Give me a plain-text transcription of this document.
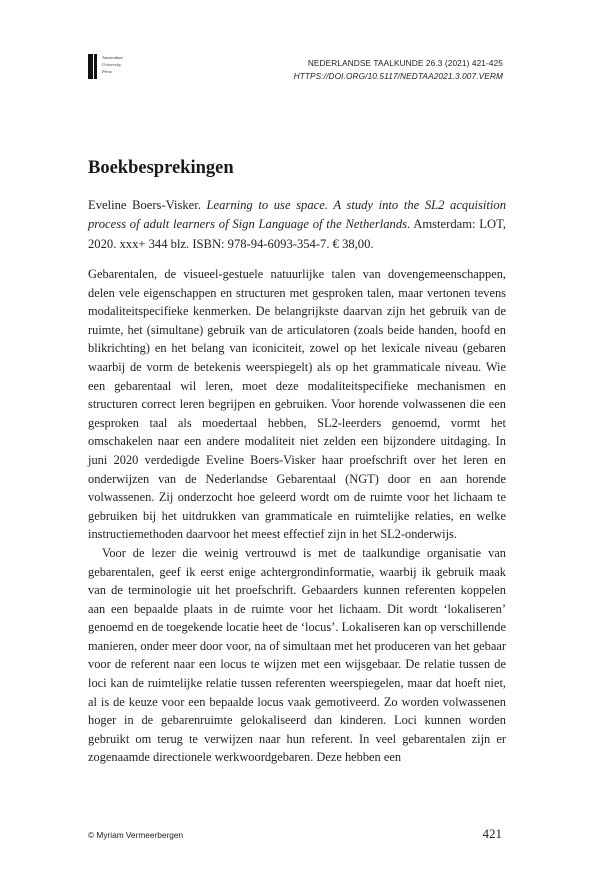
Amsterdam
University
Press
NEDERLANDSE TAALKUNDE 26.3 (2021) 421-425
HTTPS://DOI.ORG/10.5117/NEDTAA2021.3.007.VERM
Boekbesprekingen

Eveline Boers-Visker. Learning to use space. A study into the SL2 acquisition process of adult learners of Sign Language of the Netherlands. Amsterdam: LOT, 2020. xxx+ 344 blz. ISBN: 978-94-6093-354-7. € 38,00.

Gebarentalen, de visueel-gestuele natuurlijke talen van dovengemeenschappen, delen vele eigenschappen en structuren met gesproken talen, maar vertonen tevens modaliteitspecifieke kenmerken. De belangrijkste daarvan zijn het gebruik van de ruimte, het (simultane) gebruik van de articulatoren (zoals beide handen, hoofd en blikrichting) en het belang van iconiciteit, zowel op het lexicale niveau (gebaren waarbij de vorm de betekenis weerspiegelt) als op het grammaticale niveau. Wie een gebarentaal wil leren, moet deze modaliteitspecifieke mechanismen en structuren correct leren begrijpen en gebruiken. Voor horende volwassenen die een gesproken taal als moedertaal hebben, SL2-leerders genoemd, vormt het omschakelen naar een andere modaliteit niet zelden een bijzondere uitdaging. In juni 2020 verdedigde Eveline Boers-Visker haar proefschrift over het leren en onderwijzen van de Nederlandse Gebarentaal (NGT) door en aan horende volwassenen. Zij onderzocht hoe geleerd wordt om de ruimte voor het lichaam te gebruiken bij het uitdrukken van grammaticale en ruimtelijke relaties, en welke instructiemethoden daarvoor het meest effectief zijn in het SL2-onderwijs.

Voor de lezer die weinig vertrouwd is met de taalkundige organisatie van gebarentalen, geef ik eerst enige achtergrondinformatie, waarbij ik gebruik maak van de terminologie uit het proefschrift. Gebaarders kunnen referenten koppelen aan een bepaalde plaats in de ruimte voor het lichaam. Dit wordt ‘lokaliseren’ genoemd en de toegekende locatie heet de ‘locus’. Lokaliseren kan op verschillende manieren, onder meer door voor, na of simultaan met het produceren van het gebaar voor de referent naar een locus te wijzen met een wijsgebaar. De relatie tussen de loci kan de ruimtelijke relatie tussen referenten weerspiegelen, maar dat hoeft niet, al is de keuze voor een bepaalde locus vaak gemotiveerd. Zo worden volwassenen hoger in de gebarenruimte gelokaliseerd dan kinderen. Loci kunnen worden gebruikt om terug te verwijzen naar hun referent. In veel gebarentalen zijn er zogenaamde directionele werkwoordgebaren. Deze hebben een

© Myriam Vermeerbergen	421
